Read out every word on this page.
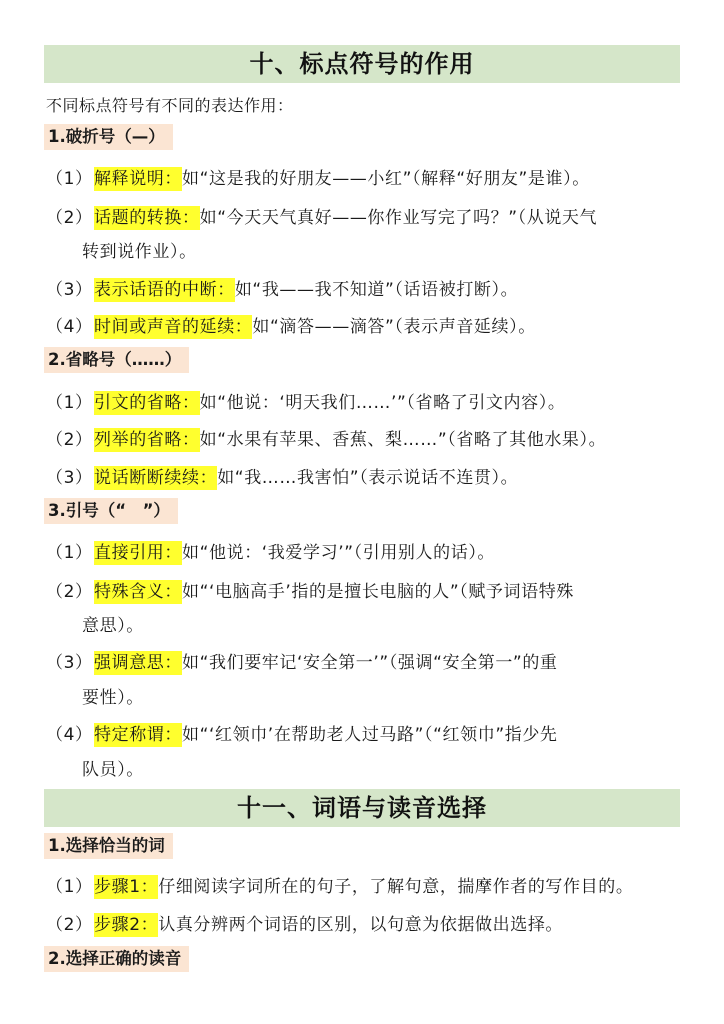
十、标点符号的作用
不同标点符号有不同的表达作用：
1.破折号（—）
（1）解释说明：如“这是我的好朋友——小红”（解释“好朋友”是谁）。
（2）话题的转换：如“今天天气真好——你作业写完了吗？”（从说天气
转到说作业）。
（3）表示话语的中断：如“我——我不知道”（话语被打断）。
（4）时间或声音的延续：如“滴答——滴答”（表示声音延续）。
2.省略号（……）
（1）引文的省略：如“他说：‘明天我们……’”（省略了引文内容）。
（2）列举的省略：如“水果有苹果、香蕉、梨……”（省略了其他水果）。
（3）说话断断续续：如“我……我害怕”（表示说话不连贯）。
3.引号（“　”）
（1）直接引用：如“他说：‘我爱学习’”（引用别人的话）。
（2）特殊含义：如“‘电脑高手’指的是擅长电脑的人”（赋予词语特殊
意思）。
（3）强调意思：如“我们要牢记‘安全第一’”（强调“安全第一”的重
要性）。
（4）特定称谓：如“‘红领巾’在帮助老人过马路”（“红领巾”指少先
队员）。
十一、词语与读音选择
1.选择恰当的词
（1）步骤1：仔细阅读字词所在的句子，了解句意，揣摩作者的写作目的。
（2）步骤2：认真分辨两个词语的区别，以句意为依据做出选择。
2.选择正确的读音
